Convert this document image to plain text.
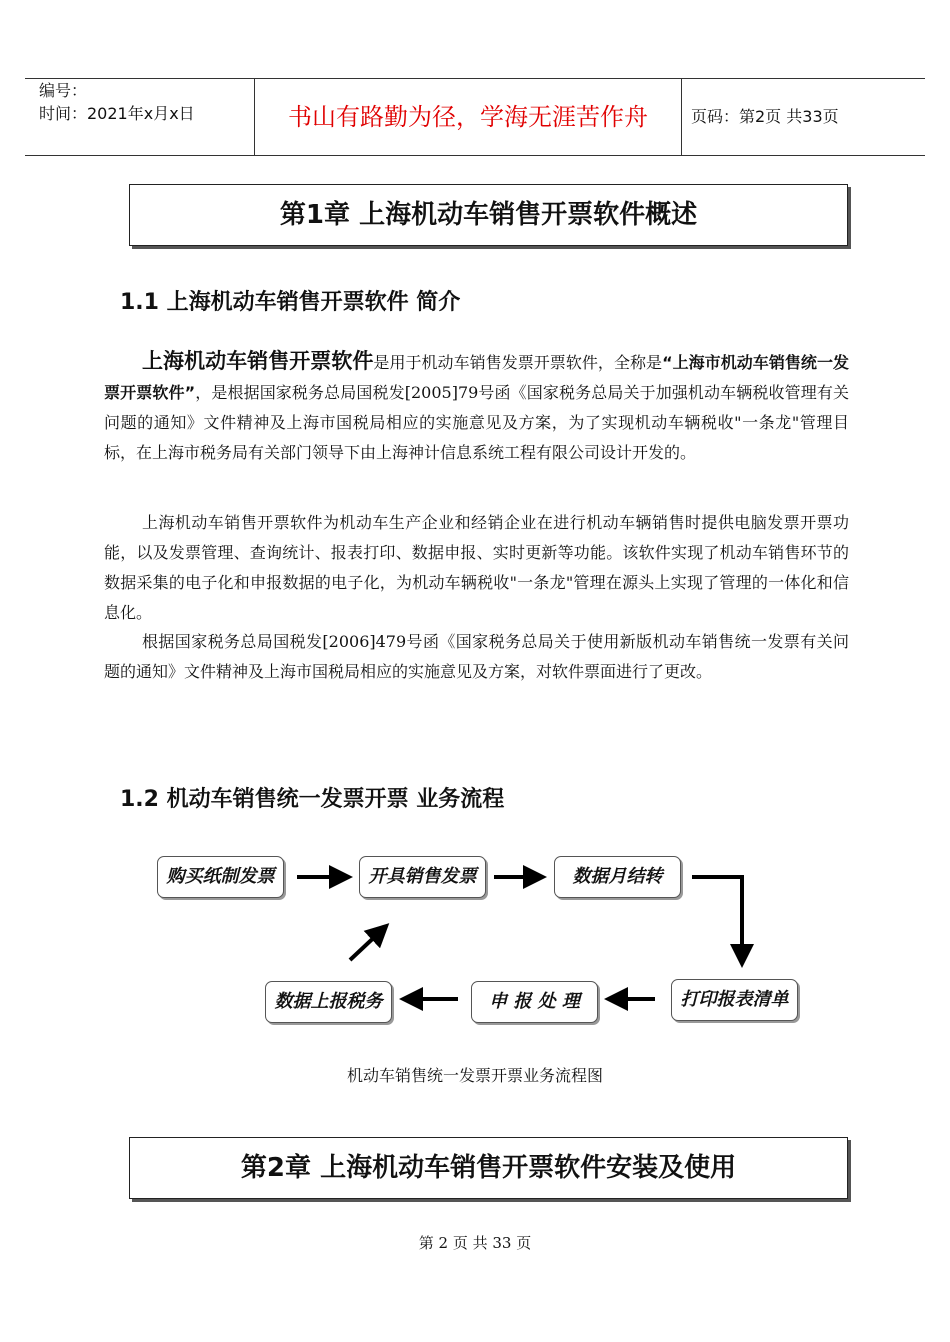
编号：
时间：2021年x月x日	书山有路勤为径，学海无涯苦作舟	页码：第2页 共33页
第1章 上海机动车销售开票软件概述
1.1 上海机动车销售开票软件 简介
上海机动车销售开票软件是用于机动车销售发票开票软件，全称是“上海市机动车销售统一发票开票软件”，是根据国家税务总局国税发[2005]79号函《国家税务总局关于加强机动车辆税收管理有关问题的通知》文件精神及上海市国税局相应的实施意见及方案，为了实现机动车辆税收"一条龙"管理目标，在上海市税务局有关部门领导下由上海神计信息系统工程有限公司设计开发的。
上海机动车销售开票软件为机动车生产企业和经销企业在进行机动车辆销售时提供电脑发票开票功能，以及发票管理、查询统计、报表打印、数据申报、实时更新等功能。该软件实现了机动车销售环节的数据采集的电子化和申报数据的电子化，为机动车辆税收"一条龙"管理在源头上实现了管理的一体化和信息化。
根据国家税务总局国税发[2006]479号函《国家税务总局关于使用新版机动车销售统一发票有关问题的通知》文件精神及上海市国税局相应的实施意见及方案，对软件票面进行了更改。
1.2 机动车销售统一发票开票 业务流程
购买纸制发票	开具销售发票	数据月结转
打印报表清单
申 报 处 理
数据上报税务
机动车销售统一发票开票业务流程图
第2章 上海机动车销售开票软件安装及使用
第 2 页 共 33 页
